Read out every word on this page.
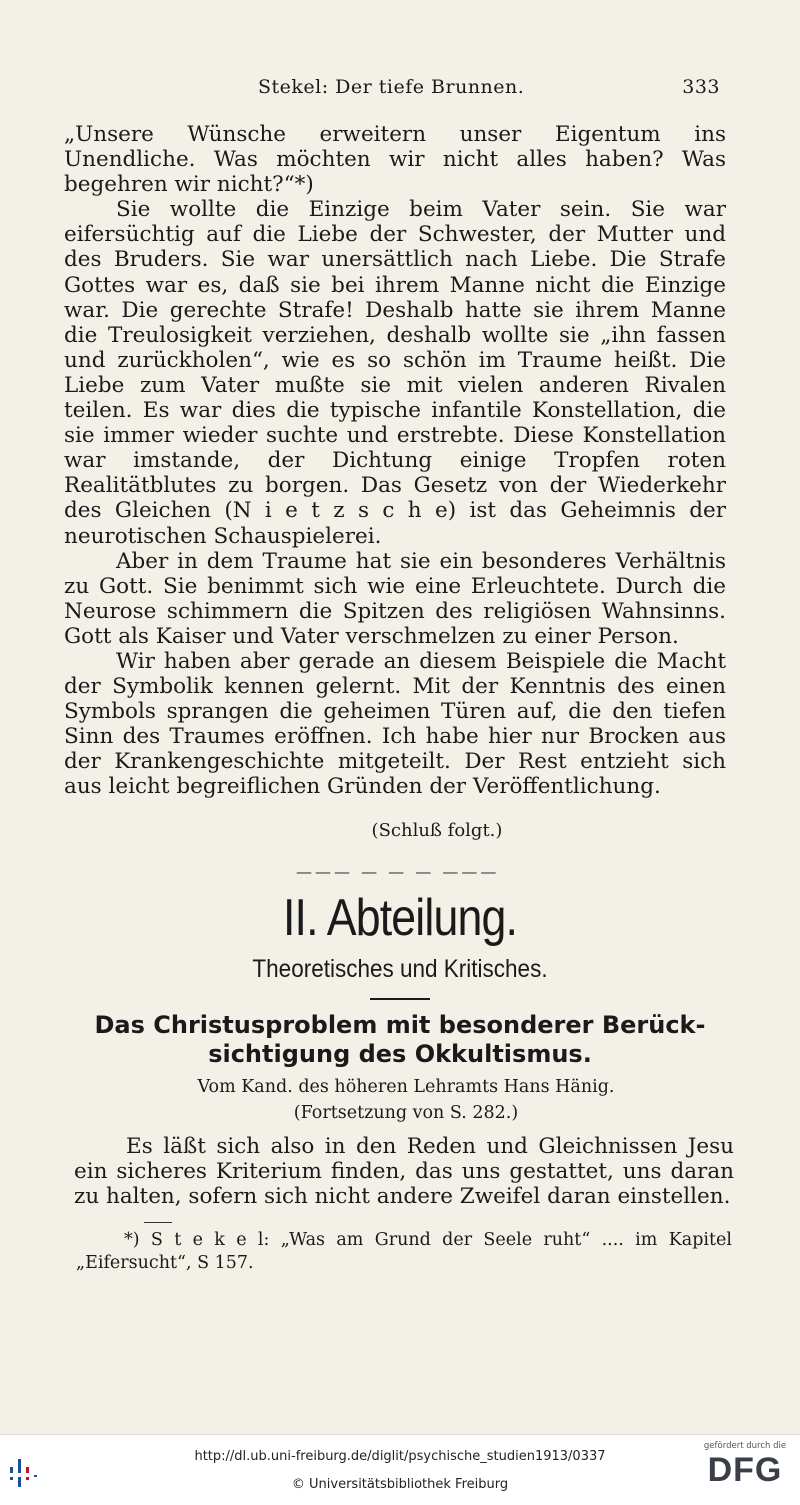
Stekel: Der tiefe Brunnen.	333

„Unsere Wünsche erweitern unser Eigentum ins Unendliche. Was möchten wir nicht alles haben? Was begehren wir nicht?“*)

Sie wollte die Einzige beim Vater sein. Sie war eifersüchtig auf die Liebe der Schwester, der Mutter und des Bruders. Sie war unersättlich nach Liebe. Die Strafe Gottes war es, daß sie bei ihrem Manne nicht die Einzige war. Die gerechte Strafe! Deshalb hatte sie ihrem Manne die Treulosigkeit verziehen, deshalb wollte sie „ihn fassen und zurückholen“, wie es so schön im Traume heißt. Die Liebe zum Vater mußte sie mit vielen anderen Rivalen teilen. Es war dies die typische infantile Konstellation, die sie immer wieder suchte und erstrebte. Diese Konstellation war imstande, der Dichtung einige Tropfen roten Realitätblutes zu borgen. Das Gesetz von der Wiederkehr des Gleichen (N i e t z s c h e) ist das Geheimnis der neurotischen Schauspielerei.

Aber in dem Traume hat sie ein besonderes Verhältnis zu Gott. Sie benimmt sich wie eine Erleuchtete. Durch die Neurose schimmern die Spitzen des religiösen Wahnsinns. Gott als Kaiser und Vater verschmelzen zu einer Person.

Wir haben aber gerade an diesem Beispiele die Macht der Symbolik kennen gelernt. Mit der Kenntnis des einen Symbols sprangen die geheimen Türen auf, die den tiefen Sinn des Traumes eröffnen. Ich habe hier nur Brocken aus der Krankengeschichte mitgeteilt. Der Rest entzieht sich aus leicht begreiflichen Gründen der Veröffentlichung.

(Schluß folgt.)
——— — — — ———
II. Abteilung.
Theoretisches und Kritisches.
Das Christusproblem mit besonderer Berück-
sichtigung des Okkultismus.
Vom Kand. des höheren Lehramts Hans Hänig.
(Fortsetzung von S. 282.)

Es läßt sich also in den Reden und Gleichnissen Jesu ein sicheres Kriterium finden, das uns gestattet, uns daran zu halten, sofern sich nicht andere Zweifel daran einstellen.

*) S t e k e l: „Was am Grund der Seele ruht“ .... im Kapitel „Eifersucht“, S 157.

http://dl.ub.uni-freiburg.de/diglit/psychische_studien1913/0337
© Universitätsbibliothek Freiburg
gefördert durch die
DFG
